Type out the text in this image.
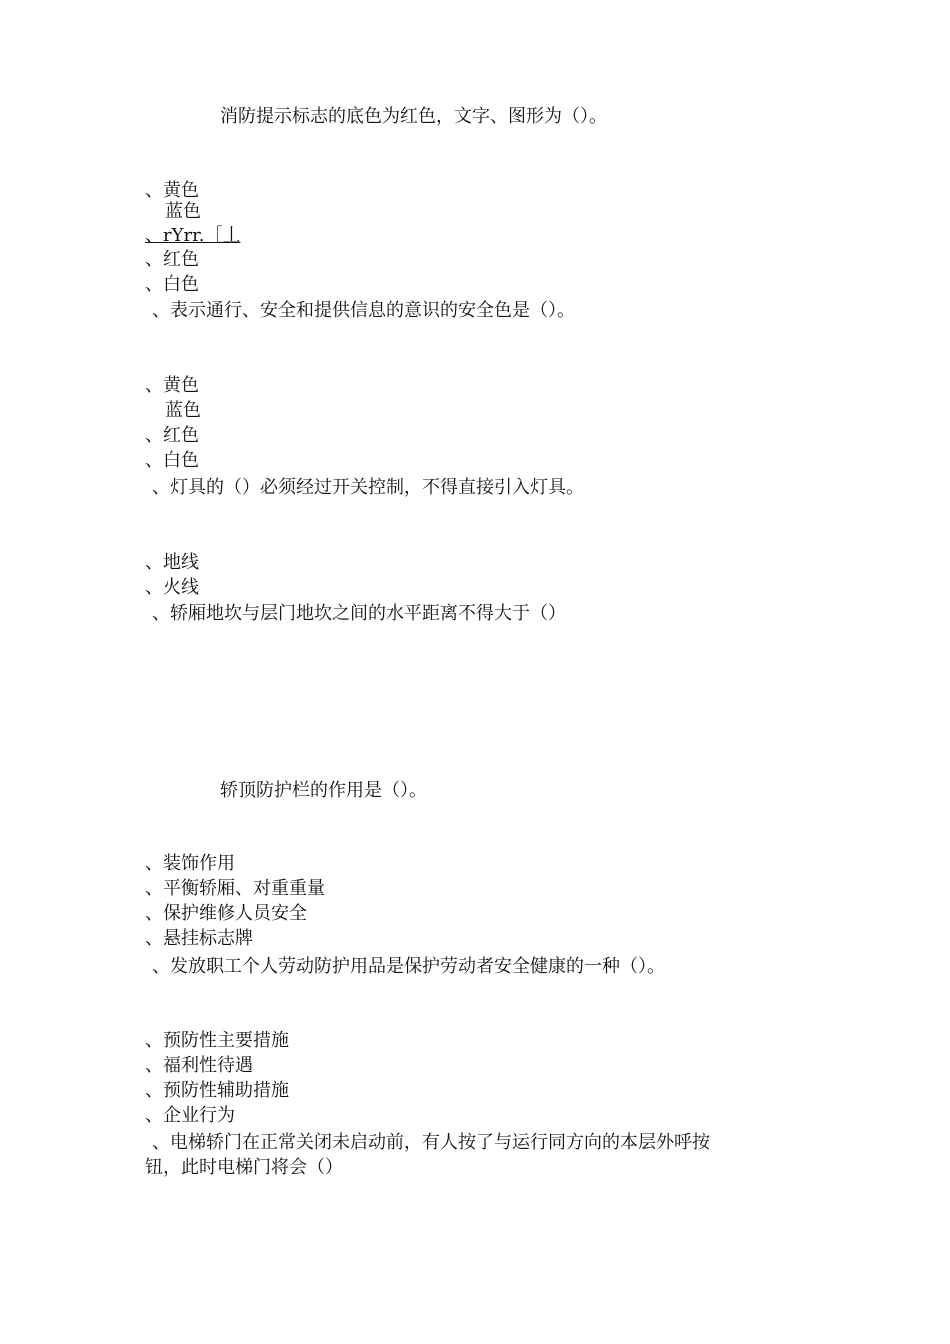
消防提示标志的底色为红色，文字、图形为（）。
、黄色
蓝色
、rYrr.［丄
、红色
、白色
、表示通行、安全和提供信息的意识的安全色是（）。
、黄色
蓝色
、红色
、白色
、灯具的（）必须经过开关控制，不得直接引入灯具。
、地线
、火线
、轿厢地坎与层门地坎之间的水平距离不得大于（）
轿顶防护栏的作用是（）。
、装饰作用
、平衡轿厢、对重重量
、保护维修人员安全
、悬挂标志牌
、发放职工个人劳动防护用品是保护劳动者安全健康的一种（）。
、预防性主要措施
、福利性待遇
、预防性辅助措施
、企业行为
、电梯轿门在正常关闭未启动前，有人按了与运行同方向的本层外呼按
钮，此时电梯门将会（）
